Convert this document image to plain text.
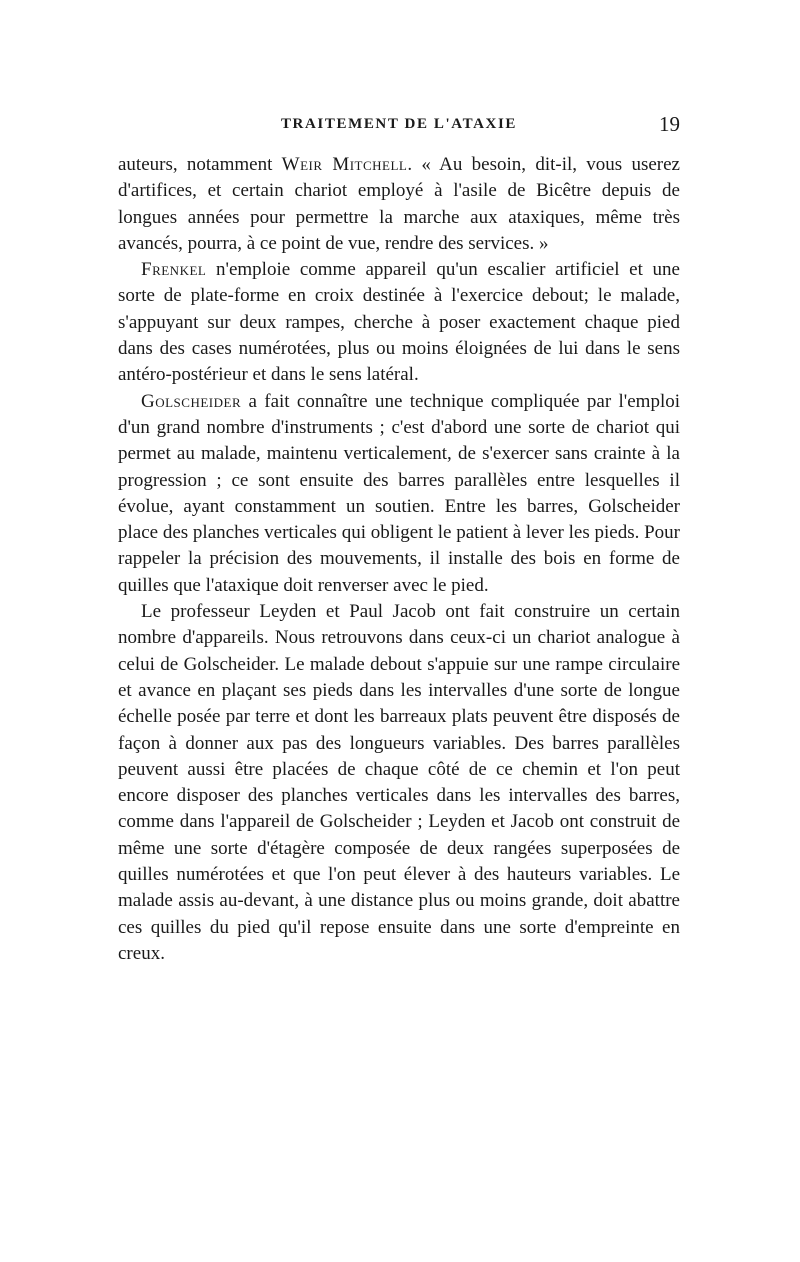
TRAITEMENT DE L'ATAXIE	19

auteurs, notamment Weir Mitchell. « Au besoin, dit-il, vous userez d'artifices, et certain chariot employé à l'asile de Bicêtre depuis de longues années pour permettre la marche aux ataxiques, même très avancés, pourra, à ce point de vue, rendre des services. »

Frenkel n'emploie comme appareil qu'un escalier artificiel et une sorte de plate-forme en croix destinée à l'exercice debout; le malade, s'appuyant sur deux rampes, cherche à poser exactement chaque pied dans des cases numérotées, plus ou moins éloignées de lui dans le sens antéro-postérieur et dans le sens latéral.

Golscheider a fait connaître une technique compliquée par l'emploi d'un grand nombre d'instruments ; c'est d'abord une sorte de chariot qui permet au malade, maintenu verticalement, de s'exercer sans crainte à la progression ; ce sont ensuite des barres parallèles entre lesquelles il évolue, ayant constamment un soutien. Entre les barres, Golscheider place des planches verticales qui obligent le patient à lever les pieds. Pour rappeler la précision des mouvements, il installe des bois en forme de quilles que l'ataxique doit renverser avec le pied.

Le professeur Leyden et Paul Jacob ont fait construire un certain nombre d'appareils. Nous retrouvons dans ceux-ci un chariot analogue à celui de Golscheider. Le malade debout s'appuie sur une rampe circulaire et avance en plaçant ses pieds dans les intervalles d'une sorte de longue échelle posée par terre et dont les barreaux plats peuvent être disposés de façon à donner aux pas des longueurs variables. Des barres parallèles peuvent aussi être placées de chaque côté de ce chemin et l'on peut encore disposer des planches verticales dans les intervalles des barres, comme dans l'appareil de Golscheider ; Leyden et Jacob ont construit de même une sorte d'étagère composée de deux rangées superposées de quilles numérotées et que l'on peut élever à des hauteurs variables. Le malade assis au-devant, à une distance plus ou moins grande, doit abattre ces quilles du pied qu'il repose ensuite dans une sorte d'empreinte en creux.
